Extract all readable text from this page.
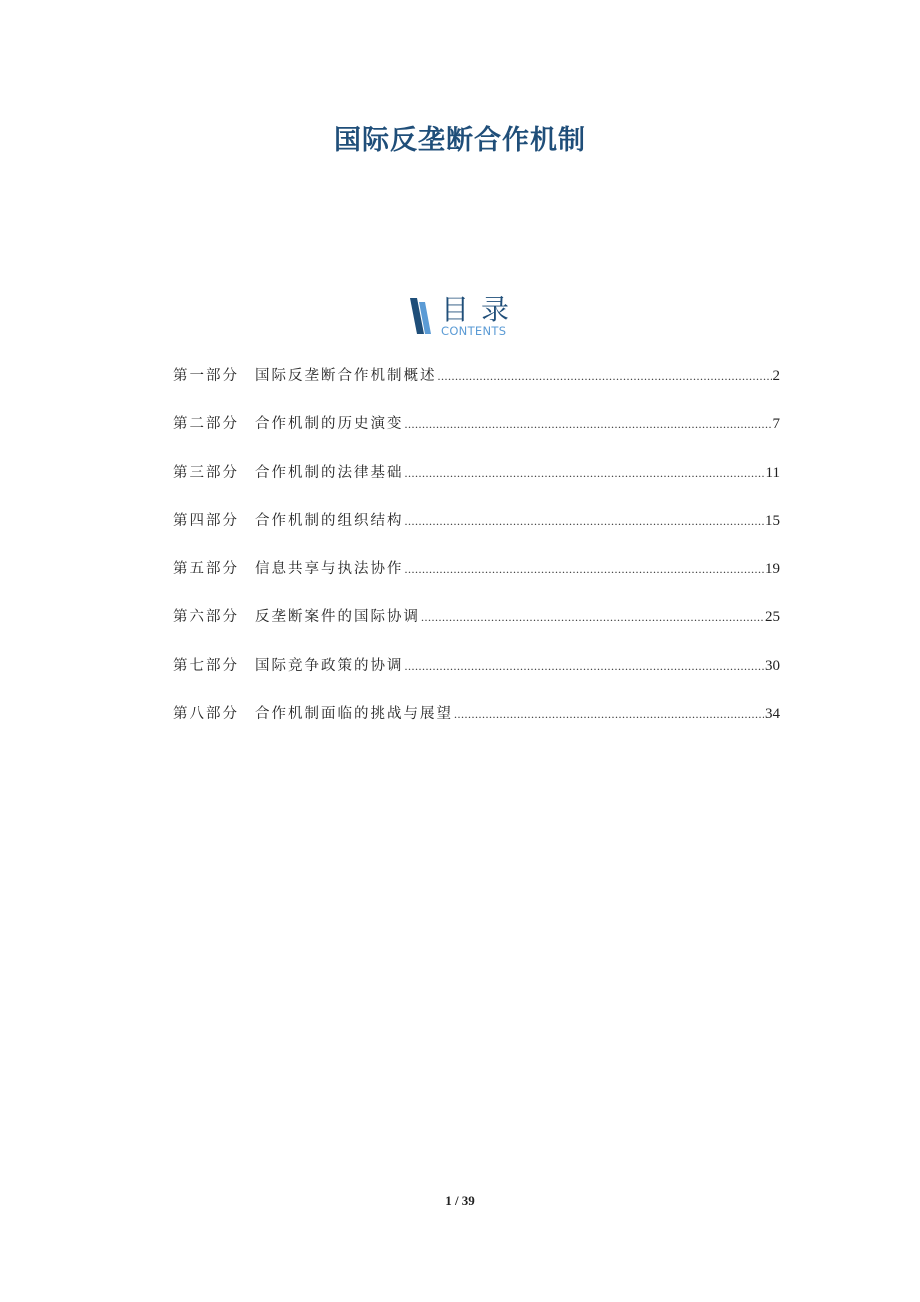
国际反垄断合作机制
目录
CONTENTS
第一部分	国际反垄断合作机制概述 .....	2
第二部分	合作机制的历史演变 .....	7
第三部分	合作机制的法律基础 .....	11
第四部分	合作机制的组织结构 .....	15
第五部分	信息共享与执法协作 .....	19
第六部分	反垄断案件的国际协调 .....	25
第七部分	国际竞争政策的协调 .....	30
第八部分	合作机制面临的挑战与展望 .....	34
1 / 39
